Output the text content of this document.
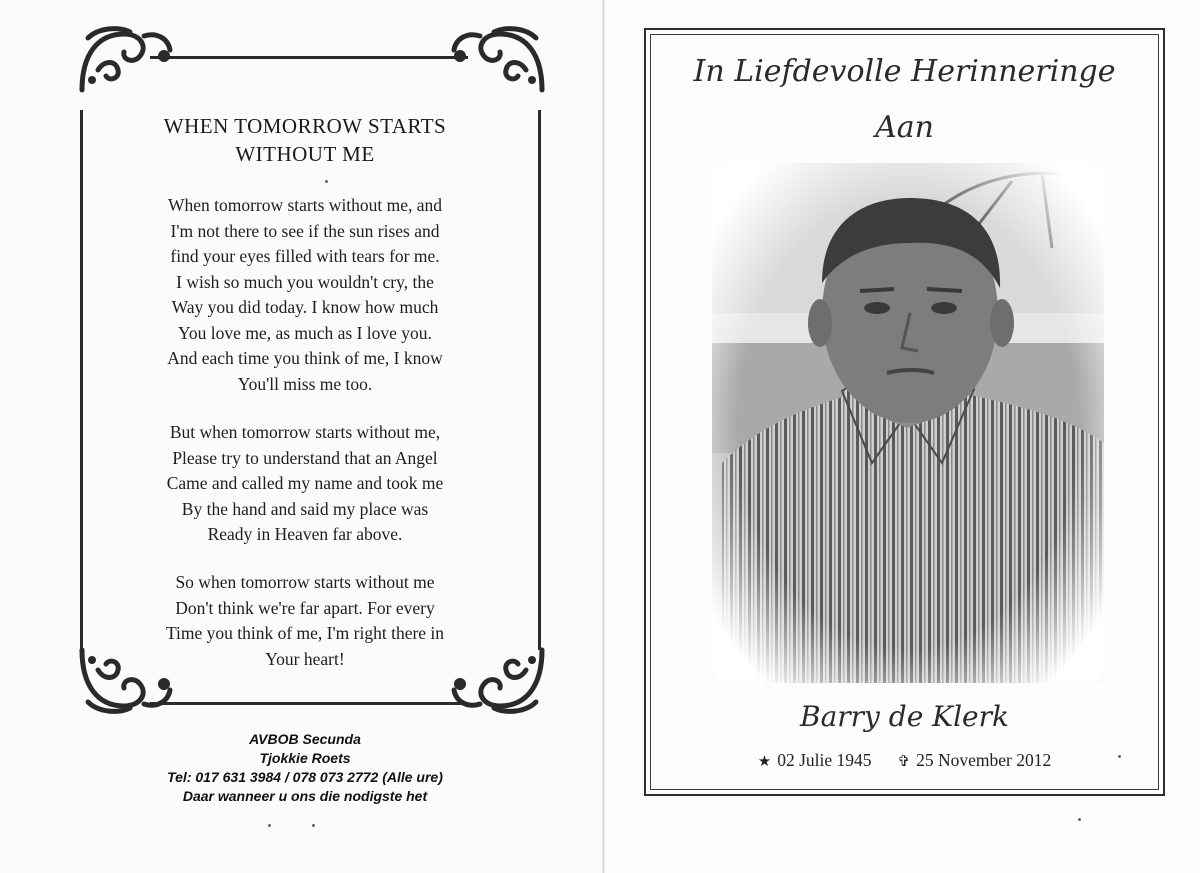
WHEN TOMORROW STARTS
WITHOUT ME
When tomorrow starts without me, and
I'm not there to see if the sun rises and
find your eyes filled with tears for me.
I wish so much you wouldn't cry, the
Way you did today. I know how much
You love me, as much as I love you.
And each time you think of me, I know
You'll miss me too.
But when tomorrow starts without me,
Please try to understand that an Angel
Came and called my name and took me
By the hand and said my place was
Ready in Heaven far above.
So when tomorrow starts without me
Don't think we're far apart. For every
Time you think of me, I'm right there in
Your heart!
AVBOB Secunda
Tjokkie Roets
Tel: 017 631 3984 / 078 073 2772 (Alle ure)
Daar wanneer u ons die nodigste het
In Liefdevolle Herinneringe
Aan
Barry de Klerk
★ 02 Julie 1945 ✞ 25 November 2012
